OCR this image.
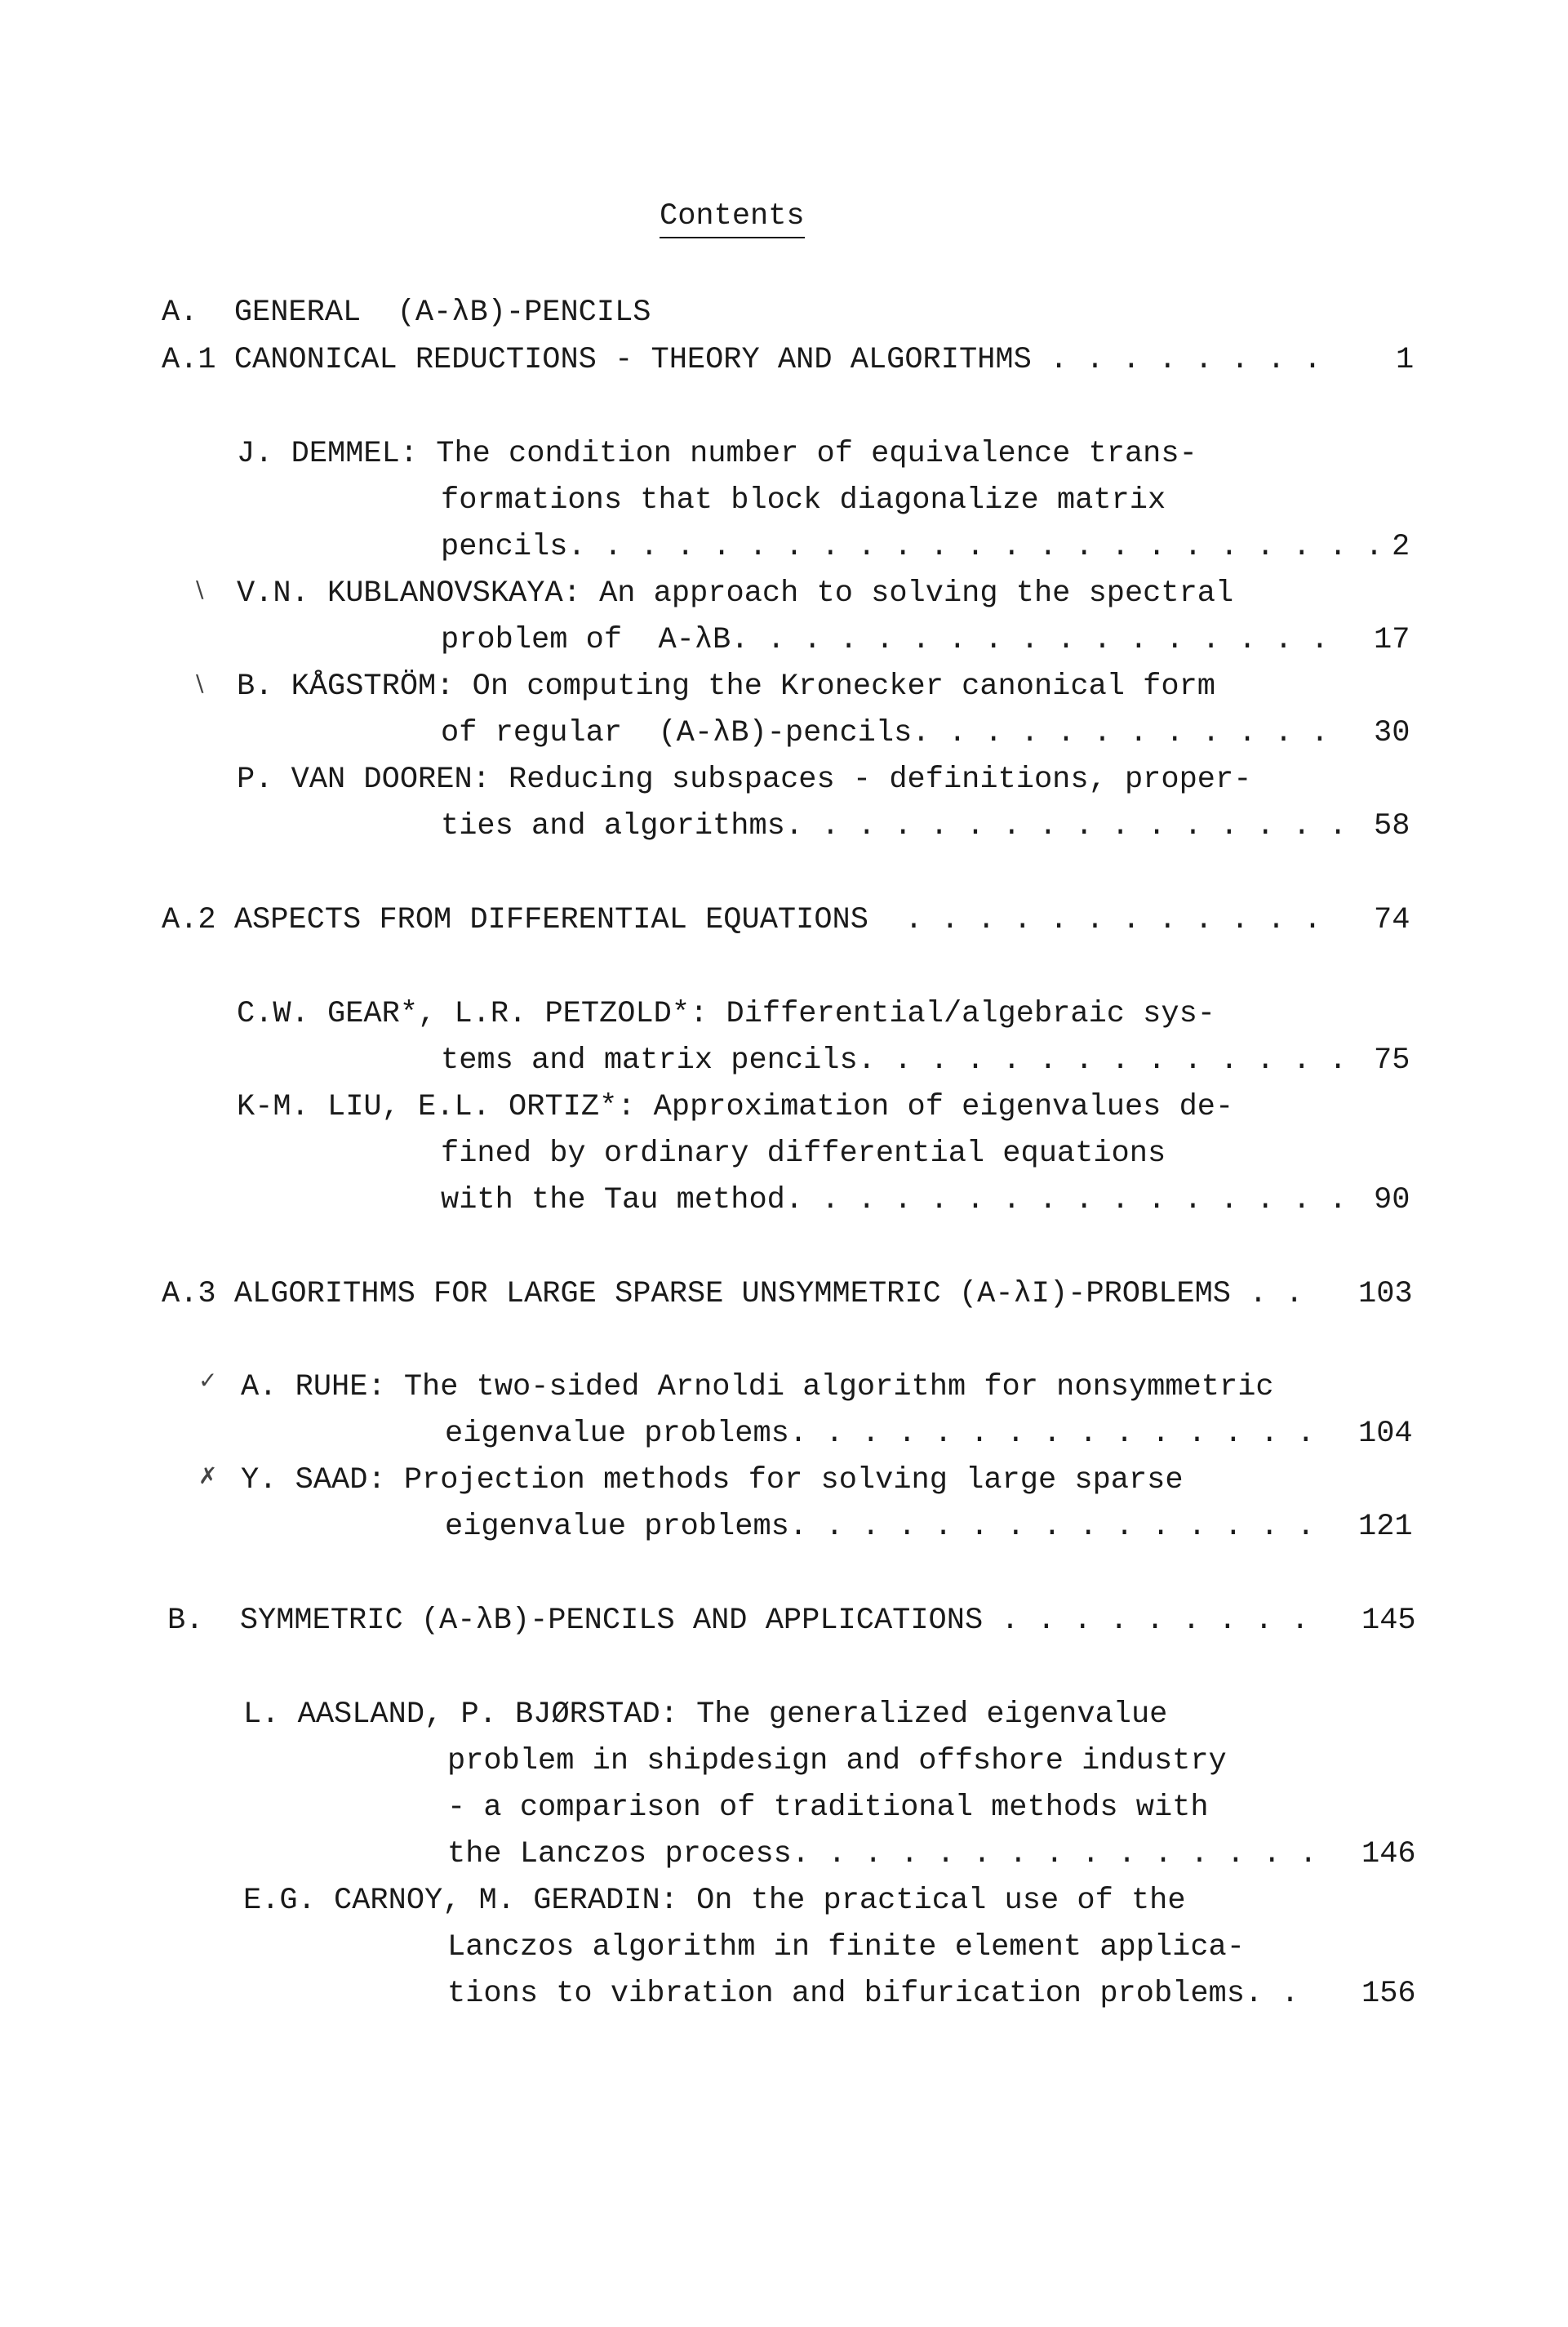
Contents
A.  GENERAL  (A-λB)-PENCILS
A.1 CANONICAL REDUCTIONS - THEORY AND ALGORITHMS . . . . . . . . 1
J. DEMMEL: The condition number of equivalence trans-
formations that block diagonalize matrix
pencils. . . . . . . . . . . . . . . . . . . . . . . 2
\ V.N. KUBLANOVSKAYA: An approach to solving the spectral
problem of  A-λB. . . . . . . . . . . . . . . . . 17
\ B. KÅGSTRÖM: On computing the Kronecker canonical form
of regular  (A-λB)-pencils. . . . . . . . . . . . 30
P. VAN DOOREN: Reducing subspaces - definitions, proper-
ties and algorithms. . . . . . . . . . . . . . . . 58
A.2 ASPECTS FROM DIFFERENTIAL EQUATIONS  . . . . . . . . . . . . 74
C.W. GEAR*, L.R. PETZOLD*: Differential/algebraic sys-
tems and matrix pencils. . . . . . . . . . . . . . 75
K-M. LIU, E.L. ORTIZ*: Approximation of eigenvalues de-
fined by ordinary differential equations
with the Tau method. . . . . . . . . . . . . . . . 90
A.3 ALGORITHMS FOR LARGE SPARSE UNSYMMETRIC (A-λI)-PROBLEMS . . 103
✓ A. RUHE: The two-sided Arnoldi algorithm for nonsymmetric
eigenvalue problems. . . . . . . . . . . . . . . 104
✗ Y. SAAD: Projection methods for solving large sparse
eigenvalue problems. . . . . . . . . . . . . . . 121
B.  SYMMETRIC (A-λB)-PENCILS AND APPLICATIONS . . . . . . . . . 145
L. AASLAND, P. BJØRSTAD: The generalized eigenvalue
problem in shipdesign and offshore industry
- a comparison of traditional methods with
the Lanczos process. . . . . . . . . . . . . . . 146
E.G. CARNOY, M. GERADIN: On the practical use of the
Lanczos algorithm in finite element applica-
tions to vibration and bifurication problems. . 156
